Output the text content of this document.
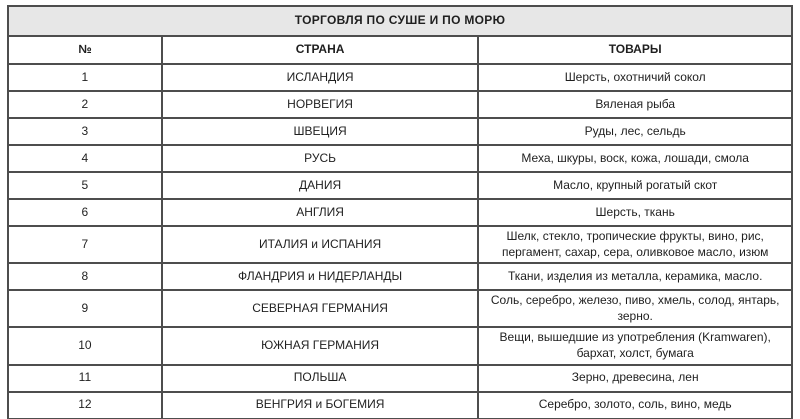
ТОРГОВЛЯ ПО СУШЕ И ПО МОРЮ		
№	СТРАНА	ТОВАРЫ
1	ИСЛАНДИЯ	Шерсть, охотничий сокол
2	НОРВЕГИЯ	Вяленая рыба
3	ШВЕЦИЯ	Руды, лес, сельдь
4	РУСЬ	Меха, шкуры, воск, кожа, лошади, смола
5	ДАНИЯ	Масло, крупный рогатый скот
6	АНГЛИЯ	Шерсть, ткань
7	ИТАЛИЯ и ИСПАНИЯ	Шелк, стекло, тропические фрукты, вино, рис, пергамент, сахар, сера, оливковое масло, изюм
8	ФЛАНДРИЯ и НИДЕРЛАНДЫ	Ткани, изделия из металла, керамика, масло.
9	СЕВЕРНАЯ ГЕРМАНИЯ	Соль, серебро, железо, пиво, хмель, солод, янтарь, зерно.
10	ЮЖНАЯ ГЕРМАНИЯ	Вещи, вышедшие из употребления (Kramwaren), бархат, холст, бумага
11	ПОЛЬША	Зерно, древесина, лен
12	ВЕНГРИЯ и БОГЕМИЯ	Серебро, золото, соль, вино, медь
